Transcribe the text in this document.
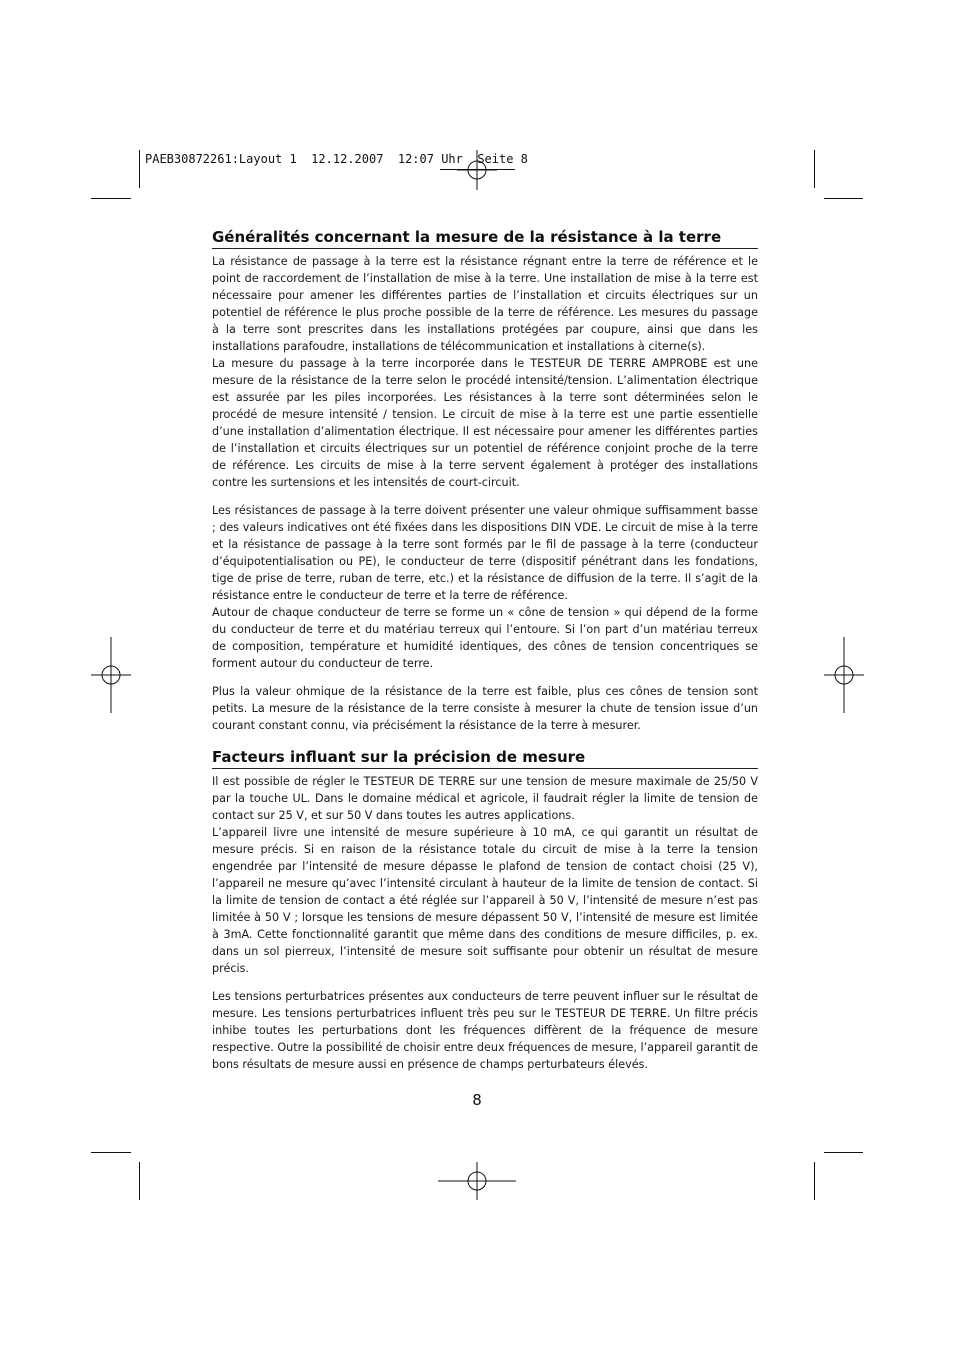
PAEB30872261:Layout 1  12.12.2007  12:07 Uhr  Seite 8
Généralités concernant la mesure de la résistance à la terre

La résistance de passage à la terre est la résistance régnant entre la terre de référence et le point de raccordement de l’installation de mise à la terre. Une installation de mise à la terre est nécessaire pour amener les différentes parties de l’installation et circuits électriques sur un potentiel de référence le plus proche possible de la terre de référence. Les mesures du passage à la terre sont prescrites dans les installations protégées par coupure, ainsi que dans les installations parafoudre, installations de télécommunication et installations à citerne(s).

La mesure du passage à la terre incorporée dans le TESTEUR DE TERRE AMPROBE est une mesure de la résistance de la terre selon le procédé intensité/tension. L’alimentation électrique est assurée par les piles incorporées. Les résistances à la terre sont déterminées selon le procédé de mesure intensité / tension. Le circuit de mise à la terre est une partie essentielle d’une installation d’alimentation électrique. Il est nécessaire pour amener les différentes parties de l’installation et circuits électriques sur un potentiel de référence conjoint proche de la terre de référence. Les circuits de mise à la terre servent également à protéger des installations contre les surtensions et les intensités de court-circuit.

Les résistances de passage à la terre doivent présenter une valeur ohmique suffisamment basse ; des valeurs indicatives ont été fixées dans les dispositions DIN VDE. Le circuit de mise à la terre et la résistance de passage à la terre sont formés par le fil de passage à la terre (conducteur d’équipotentialisation ou PE), le conducteur de terre (dispositif pénétrant dans les fondations, tige de prise de terre, ruban de terre, etc.) et la résistance de diffusion de la terre. Il s’agit de la résistance entre le conducteur de terre et la terre de référence.

Autour de chaque conducteur de terre se forme un « cône de tension » qui dépend de la forme du conducteur de terre et du matériau terreux qui l’entoure. Si l’on part d’un matériau terreux de composition, température et humidité identiques, des cônes de tension concentriques se forment autour du conducteur de terre.

Plus la valeur ohmique de la résistance de la terre est faible, plus ces cônes de tension sont petits. La mesure de la résistance de la terre consiste à mesurer la chute de tension issue d’un courant constant connu, via précisément la résistance de la terre à mesurer.

Facteurs influant sur la précision de mesure

Il est possible de régler le TESTEUR DE TERRE sur une tension de mesure maximale de 25/50 V par la touche UL. Dans le domaine médical et agricole, il faudrait régler la limite de tension de contact sur 25 V, et sur 50 V dans toutes les autres applications.

L’appareil livre une intensité de mesure supérieure à 10 mA, ce qui garantit un résultat de mesure précis. Si en raison de la résistance totale du circuit de mise à la terre la tension engendrée par l’intensité de mesure dépasse le plafond de tension de contact choisi (25 V), l’appareil ne mesure qu’avec l’intensité circulant à hauteur de la limite de tension de contact. Si la limite de tension de contact a été réglée sur l’appareil à 50 V, l’intensité de mesure n’est pas limitée à 50 V ; lorsque les tensions de mesure dépassent 50 V, l’intensité de mesure est limitée à 3mA. Cette fonctionnalité garantit que même dans des conditions de mesure difficiles, p. ex. dans un sol pierreux, l’intensité de mesure soit suffisante pour obtenir un résultat de mesure précis.

Les tensions perturbatrices présentes aux conducteurs de terre peuvent influer sur le résultat de mesure. Les tensions perturbatrices influent très peu sur le TESTEUR DE TERRE. Un filtre précis inhibe toutes les perturbations dont les fréquences diffèrent de la fréquence de mesure respective. Outre la possibilité de choisir entre deux fréquences de mesure, l’appareil garantit de bons résultats de mesure aussi en présence de champs perturbateurs élevés.

8
